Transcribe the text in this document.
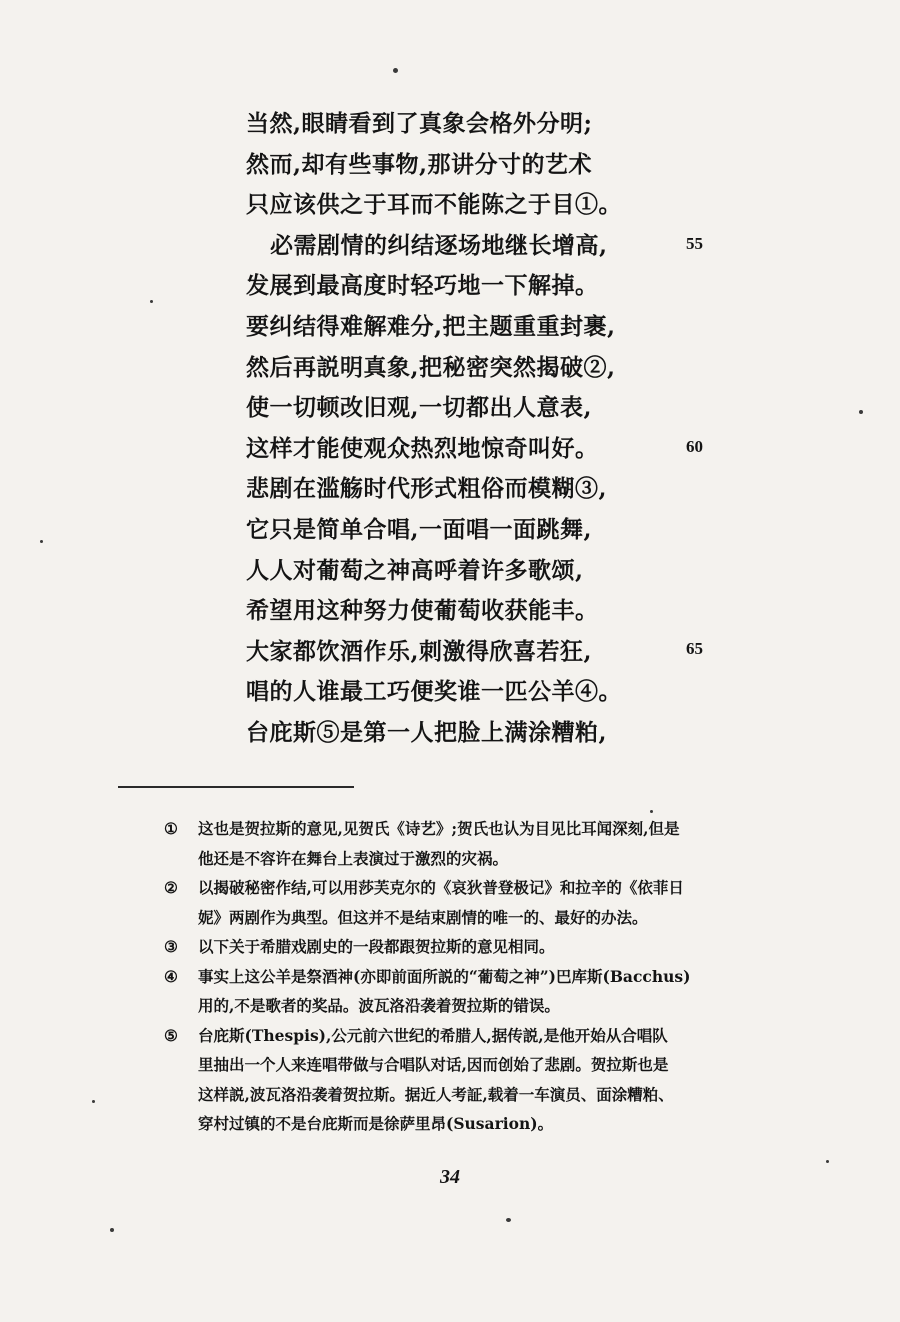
当然,眼睛看到了真象会格外分明;
然而,却有些事物,那讲分寸的艺术
只应该供之于耳而不能陈之于目①。
必需剧情的纠结逐场地继长增高,
发展到最高度时轻巧地一下解掉。
要纠结得难解难分,把主题重重封裹,
然后再説明真象,把秘密突然揭破②,
使一切顿改旧观,一切都出人意表,
这样才能使观众热烈地惊奇叫好。
悲剧在滥觞时代形式粗俗而模糊③,
它只是简单合唱,一面唱一面跳舞,
人人对葡萄之神高呼着许多歌颂,
希望用这种努力使葡萄收获能丰。
大家都饮酒作乐,刺激得欣喜若狂,
唱的人谁最工巧便奖谁一匹公羊④。
台庇斯⑤是第一人把脸上满涂糟粕,
55
60
65
①	这也是贺拉斯的意见,见贺氏《诗艺》;贺氏也认为目见比耳闻深刻,但是
他还是不容许在舞台上表演过于激烈的灾祸。
②	以揭破秘密作结,可以用莎芙克尔的《哀狄普登极记》和拉辛的《依菲日
妮》两剧作为典型。但这并不是结束剧情的唯一的、最好的办法。
③	以下关于希腊戏剧史的一段都跟贺拉斯的意见相同。
④	事实上这公羊是祭酒神(亦即前面所説的“葡萄之神”)巴库斯(Bacchus)
用的,不是歌者的奖品。波瓦洛沿袭着贺拉斯的错误。
⑤	台庇斯(Thespis),公元前六世纪的希腊人,据传説,是他开始从合唱队
里抽出一个人来连唱带做与合唱队对话,因而创始了悲剧。贺拉斯也是
这样説,波瓦洛沿袭着贺拉斯。据近人考証,载着一车演员、面涂糟粕、
穿村过镇的不是台庇斯而是徐萨里昂(Susarion)。
34
